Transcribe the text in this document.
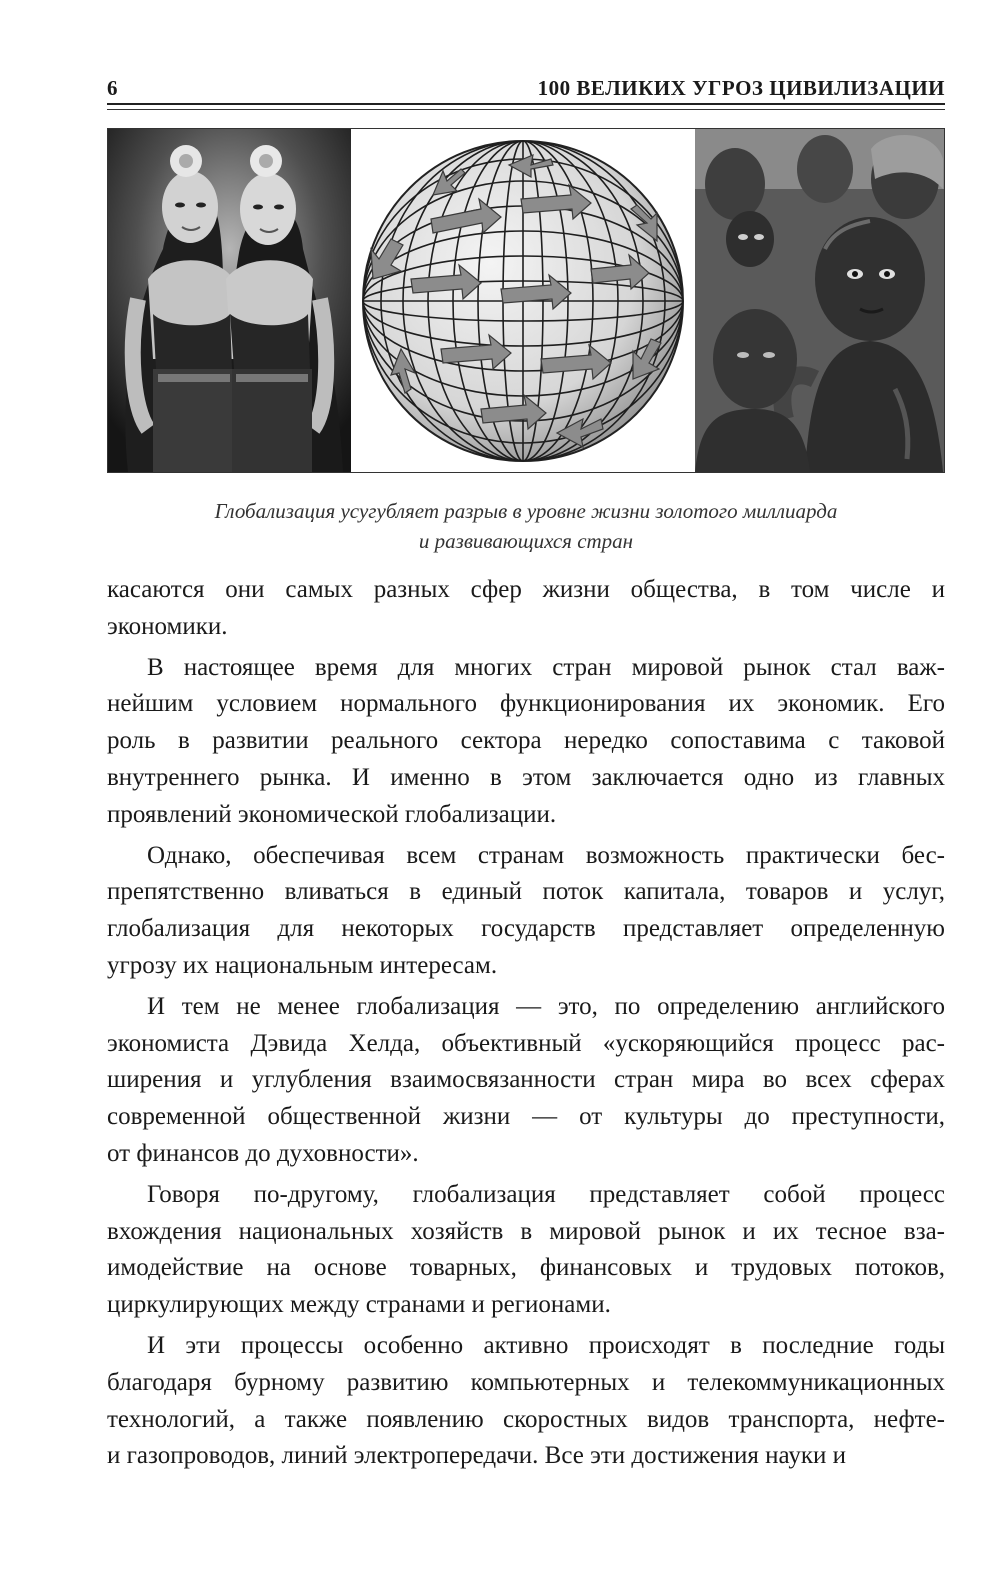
6	100 ВЕЛИКИХ УГРОЗ ЦИВИЛИЗАЦИИ
Глобализация усугубляет разрыв в уровне жизни золотого миллиарда
и развивающихся стран
касаются они самых разных сфер жизни общества, в том числе и
экономики.
В настоящее время для многих стран мировой рынок стал важ-
нейшим условием нормального функционирования их экономик. Его
роль в развитии реального сектора нередко сопоставима с таковой
внутреннего рынка. И именно в этом заключается одно из главных
проявлений экономической глобализации.
Однако, обеспечивая всем странам возможность практически бес-
препятственно вливаться в единый поток капитала, товаров и услуг,
глобализация для некоторых государств представляет определенную
угрозу их национальным интересам.
И тем не менее глобализация — это, по определению английского
экономиста Дэвида Хелда, объективный «ускоряющийся процесс рас-
ширения и углубления взаимосвязанности стран мира во всех сферах
современной общественной жизни — от культуры до преступности,
от финансов до духовности».
Говоря по-другому, глобализация представляет собой процесс
вхождения национальных хозяйств в мировой рынок и их тесное вза-
имодействие на основе товарных, финансовых и трудовых потоков,
циркулирующих между странами и регионами.
И эти процессы особенно активно происходят в последние годы
благодаря бурному развитию компьютерных и телекоммуникационных
технологий, а также появлению скоростных видов транспорта, нефте-
и газопроводов, линий электропередачи. Все эти достижения науки и
